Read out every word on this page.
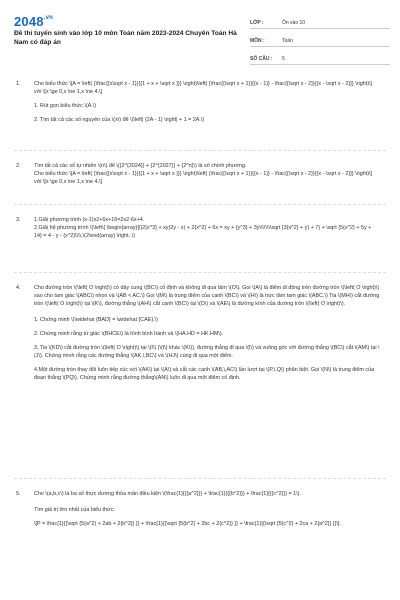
$2048^{.vn}$
Đề thi tuyển sinh vào lớp 10 môn Toán năm 2023-2024 Chuyên Toán Hà Nam có đáp án
LỚP :	Ôn vào 10
MÔN :	Toán
SỐ CÂU :	5
1.	Cho biểu thức \[A = \left( {\frac{{x\sqrt x - 1}}{{1 + x + \sqrt x }}} \right)\left( {\frac{{\sqrt x + 1}}{{x - 1}} - \frac{{\sqrt x - 2}}{{x - \sqrt x - 2}}} \right)\] với \[x \ge 0,x \ne 1,x \ne 4.\]

1. Rút gọn biểu thức \(A.\)

2. Tìm tất cả các số nguyên của \(x\) để \(\left| {2A - 1} \right| + 1 = 2A.\)

2.	Tìm tất cả các số tự nhiên \(n\) để \({2^{2024}} + {2^{2027}} + {2^n}\) là số chính phương.

Cho biểu thức \[A = \left( {\frac{{x\sqrt x - 1}}{{1 + x + \sqrt x }}} \right)\left( {\frac{{\sqrt x + 1}}{{x - 1}} - \frac{{\sqrt x - 2}}{{x - \sqrt x - 2}}} \right)\] với \[x \ge 0,x \ne 1,x \ne 4.\]

3.	1.Giải phương trình (x-1)x2+6x+16=2x2-6x+4.

2.Giải hệ phương trình \(\left\{ \begin{array}{l}2{x^3} + xy(2y - x) + 2{x^2} + 6x = xy + {y^3} + 3y\\\\\\\\sqrt {3{x^2} + y} + 7} + \sqrt {5{x^2} + 5y + 14} = 4 - y - {x^2}\\\\,\(2\end{array} \right..\)

4.	Cho đường tròn \(\left( O \right)\) có dây cung \(BC\) cố định và không đi qua tâm \(O\). Gọi \(A\) là điểm di động trên đường tròn \(\left( O \right)\) sao cho tam giác \(ABC\) nhọn và \(AB < AC.\) Gọi \(M\) là trung điểm của cạnh \(BC\) và \(H\) là trực tâm tam giác \(ABC.\) Tia \(MH\) cắt đường tròn \(\left( O \right)\) tại \(K\), đường thẳng \(AH\) cắt cạnh \(BC\) tại \(D\) và \(AE\) là đường kính của đường tròn \(\left( O \right)\).

1. Chứng minh \(\widehat {BAD} = \widehat {CAE}.\)

2. Chứng minh rằng tứ giác \(BHCE\) là hình bình hành và \(HA.HD = HK.HM\).

3. Tia \(KD\) cắt đường tròn \(\left( O \right)\) tại \(I\) (\(I\) khác \(K\)), đường thẳng đi qua \(I\) và vuông góc với đường thẳng \(BC\) cắt \(AM\) tại \(J\). Chứng minh rằng các đường thẳng \(AK,\,BC\) và \(HJ\) cùng đi qua một điểm.

4.Một đường tròn thay đổi luôn tiếp xúc với \(AK\) tại \(A\) và cắt các cạnh \(AB,\,AC\) lần lượt tại \(P,\,Q\) phân biệt. Gọi \(N\) là trung điểm của đoạn thẳng \(PQ\). Chứng minh rằng đường thẳng\(AN\) luôn đi qua một điểm cố định.

5.	Cho \(a,b,c\) là ba số thực dương thỏa mãn điều kiện \(\frac{1}{{{a^2}}} + \frac{1}{{{b^2}}} + \frac{1}{{{c^2}}} = 1\).

Tìm giá trị lớn nhất của biểu thức:

\[P = \frac{1}{{\sqrt {5{a^2} + 2ab + 2{b^2}} }} + \frac{1}{{\sqrt {5{b^2} + 2bc + 2{c^2}} }} + \frac{1}{{\sqrt {5{c^2} + 2ca + 2{a^2}} }}\].
